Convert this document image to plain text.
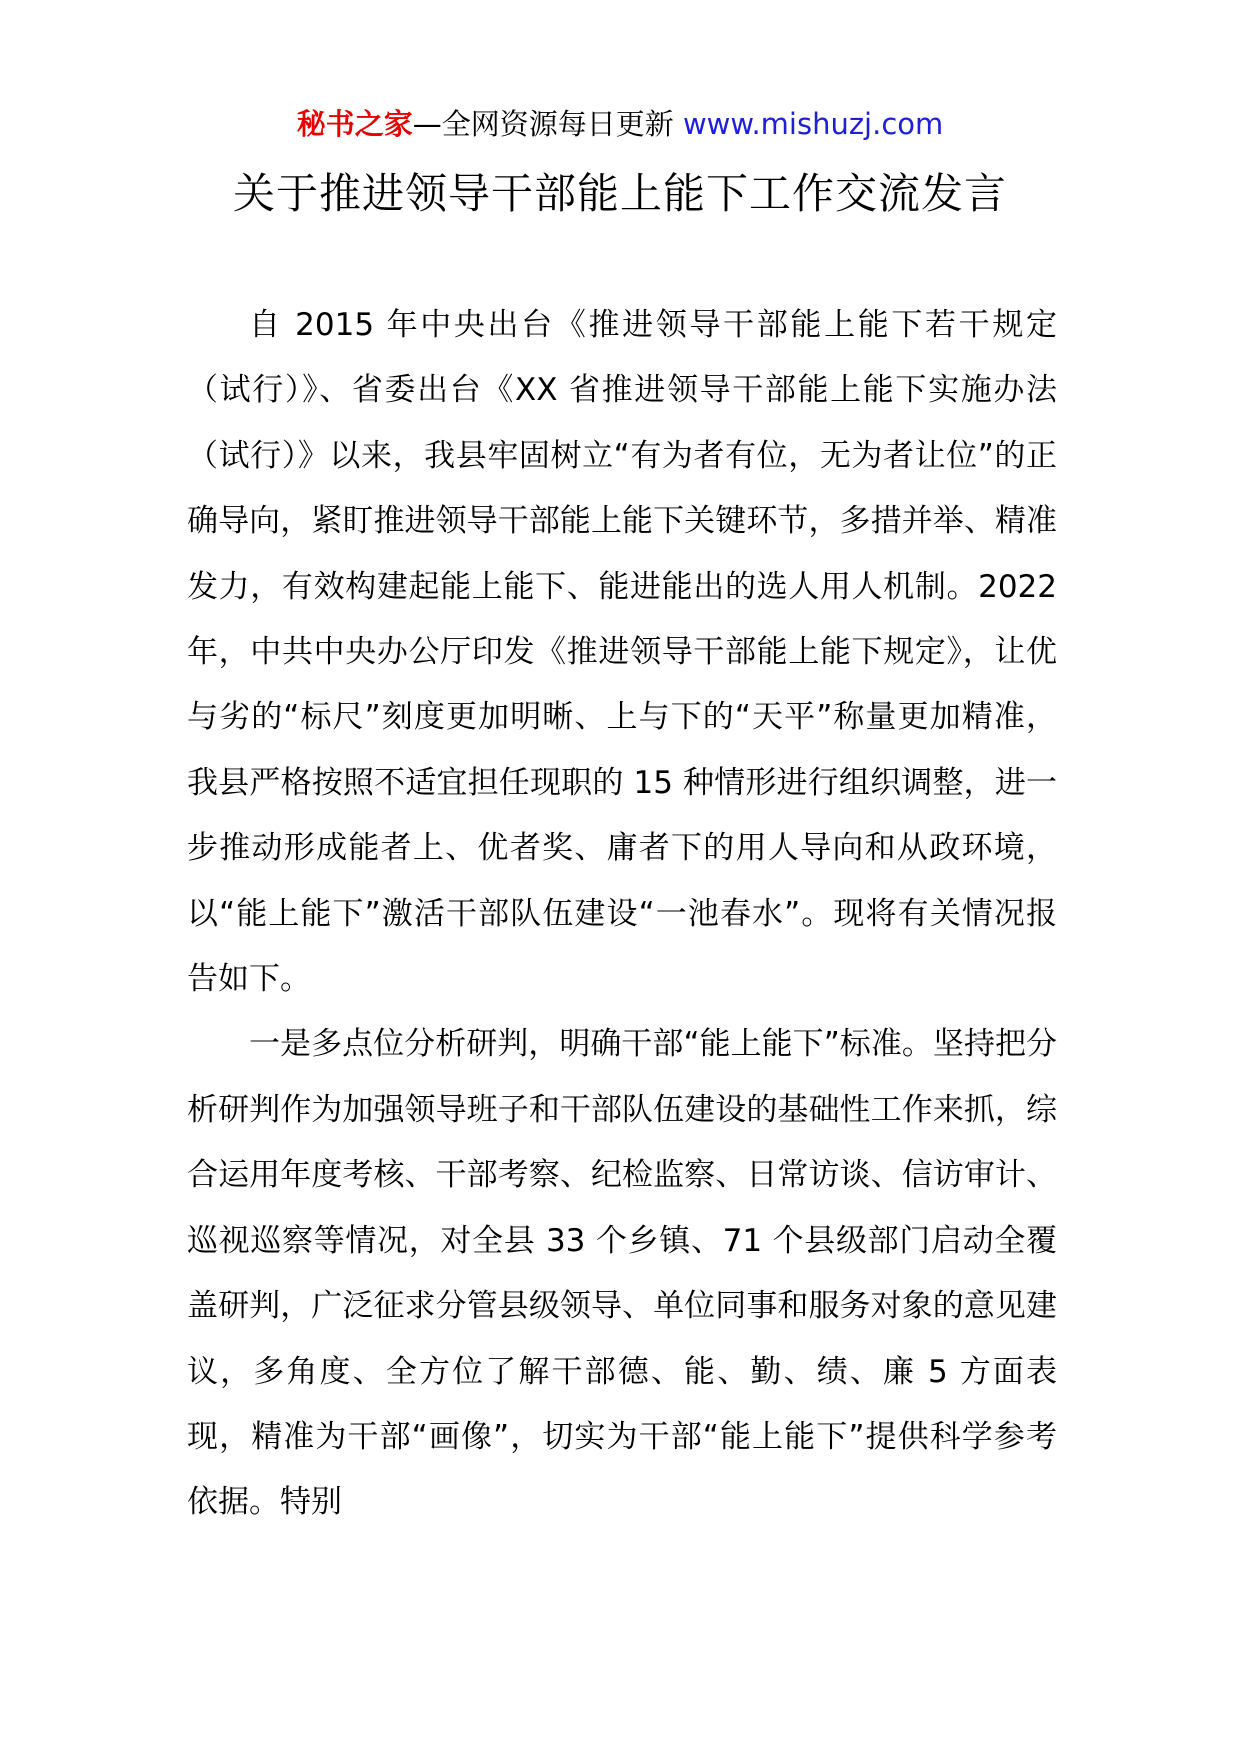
秘书之家—全网资源每日更新 www.mishuzj.com
关于推进领导干部能上能下工作交流发言

自 2015 年中央出台《推进领导干部能上能下若干规定（试行）》、省委出台《XX 省推进领导干部能上能下实施办法（试行）》以来，我县牢固树立“有为者有位，无为者让位”的正确导向，紧盯推进领导干部能上能下关键环节，多措并举、精准发力，有效构建起能上能下、能进能出的选人用人机制。2022 年，中共中央办公厅印发《推进领导干部能上能下规定》，让优与劣的“标尺”刻度更加明晰、上与下的“天平”称量更加精准，我县严格按照不适宜担任现职的 15 种情形进行组织调整，进一步推动形成能者上、优者奖、庸者下的用人导向和从政环境，以“能上能下”激活干部队伍建设“一池春水”。现将有关情况报告如下。

一是多点位分析研判，明确干部“能上能下”标准。坚持把分析研判作为加强领导班子和干部队伍建设的基础性工作来抓，综合运用年度考核、干部考察、纪检监察、日常访谈、信访审计、巡视巡察等情况，对全县 33 个乡镇、71 个县级部门启动全覆盖研判，广泛征求分管县级领导、单位同事和服务对象的意见建议，多角度、全方位了解干部德、能、勤、绩、廉 5 方面表现，精准为干部“画像”，切实为干部“能上能下”提供科学参考依据。特别
